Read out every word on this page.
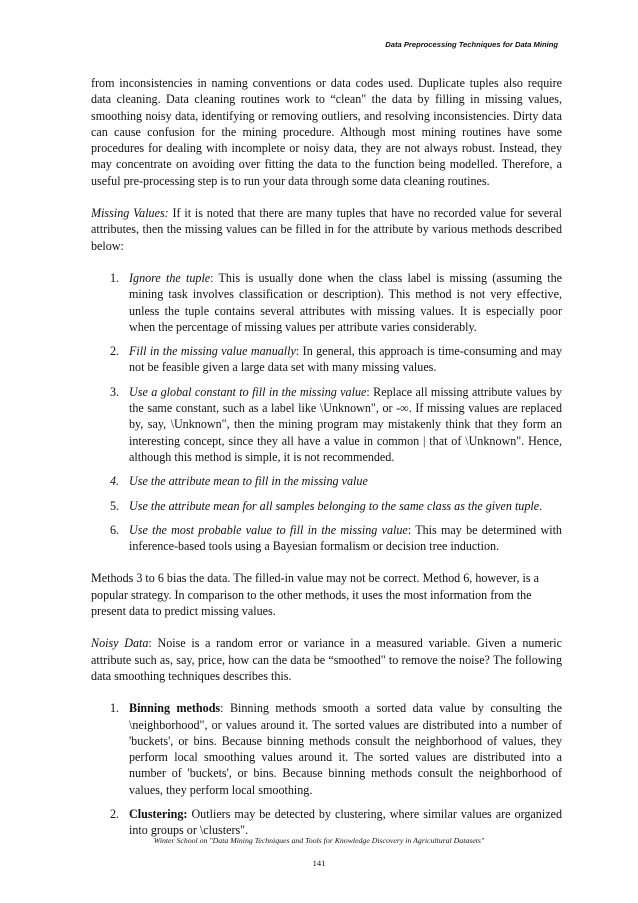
Data Preprocessing Techniques for Data Mining

from inconsistencies in naming conventions or data codes used. Duplicate tuples also require data cleaning. Data cleaning routines work to “clean" the data by filling in missing values, smoothing noisy data, identifying or removing outliers, and resolving inconsistencies. Dirty data can cause confusion for the mining procedure. Although most mining routines have some procedures for dealing with incomplete or noisy data, they are not always robust. Instead, they may concentrate on avoiding over fitting the data to the function being modelled. Therefore, a useful pre-processing step is to run your data through some data cleaning routines.

Missing Values: If it is noted that there are many tuples that have no recorded value for several attributes, then the missing values can be filled in for the attribute by various methods described below:

1. Ignore the tuple: This is usually done when the class label is missing (assuming the mining task involves classification or description). This method is not very effective, unless the tuple contains several attributes with missing values. It is especially poor when the percentage of missing values per attribute varies considerably.
2. Fill in the missing value manually: In general, this approach is time-consuming and may not be feasible given a large data set with many missing values.
3. Use a global constant to fill in the missing value: Replace all missing attribute values by the same constant, such as a label like \Unknown", or -∞. If missing values are replaced by, say, \Unknown", then the mining program may mistakenly think that they form an interesting concept, since they all have a value in common | that of \Unknown". Hence, although this method is simple, it is not recommended.
4. Use the attribute mean to fill in the missing value
5. Use the attribute mean for all samples belonging to the same class as the given tuple.
6. Use the most probable value to fill in the missing value: This may be determined with inference-based tools using a Bayesian formalism or decision tree induction.

Methods 3 to 6 bias the data. The filled-in value may not be correct. Method 6, however, is a popular strategy. In comparison to the other methods, it uses the most information from the present data to predict missing values.

Noisy Data: Noise is a random error or variance in a measured variable. Given a numeric attribute such as, say, price, how can the data be “smoothed" to remove the noise? The following data smoothing techniques describes this.

1. Binning methods: Binning methods smooth a sorted data value by consulting the \neighborhood", or values around it. The sorted values are distributed into a number of 'buckets', or bins. Because binning methods consult the neighborhood of values, they perform local smoothing values around it. The sorted values are distributed into a number of 'buckets', or bins. Because binning methods consult the neighborhood of values, they perform local smoothing.
2. Clustering: Outliers may be detected by clustering, where similar values are organized into groups or \clusters".
Winter School on "Data Mining Techniques and Tools for Knowledge Discovery in Agricultural Datasets"
141
